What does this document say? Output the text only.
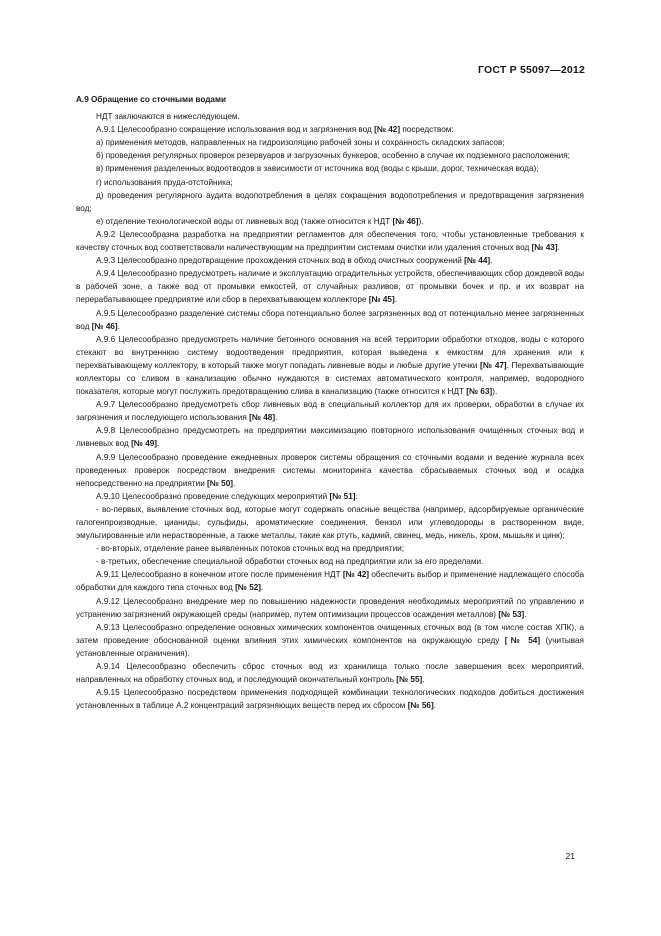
ГОСТ Р 55097—2012
А.9 Обращение со сточными водами

НДТ заключаются в нижеследующем.

А.9.1 Целесообразно сокращение использования вод и загрязнения вод [№ 42] посредством:

а) применения методов, направленных на гидроизоляцию рабочей зоны и сохранность складских запасов;

б) проведения регулярных проверок резервуаров и загрузочных бункеров, особенно в случае их подземного расположения;

в) применения разделенных водоотводов в зависимости от источника вод (воды с крыши, дорог, техническая вода);

г) использования пруда-отстойника;

д) проведения регулярного аудита водопотребления в целях сокращения водопотребления и предотвращения загрязнения вод;

е) отделение технологической воды от ливневых вод (также относится к НДТ [№ 46]).

А.9.2 Целесообразна разработка на предприятии регламентов для обеспечения того, чтобы установленные требования к качеству сточных вод соответствовали наличествующим на предприятии системам очистки или удаления сточных вод [№ 43].

А.9.3 Целесообразно предотвращение прохождения сточных вод в обход очистных сооружений [№ 44].

А.9.4 Целесообразно предусмотреть наличие и эксплуатацию оградительных устройств, обеспечивающих сбор дождевой воды в рабочей зоне, а также вод от промывки емкостей, от случайных разливов, от промывки бочек и пр. и их возврат на перерабатывающее предприятие или сбор в перехватывающем коллекторе [№ 45].

А.9.5 Целесообразно разделение системы сбора потенциально более загрязненных вод от потенциально менее загрязненных вод [№ 46].

А.9.6 Целесообразно предусмотреть наличие бетонного основания на всей территории обработки отходов, воды с которого стекают во внутреннюю систему водоотведения предприятия, которая выведена к емкостям для хранения или к перехватывающему коллектору, в который также могут попадать ливневые воды и любые другие утечки [№ 47]. Перехватывающие коллекторы со сливом в канализацию обычно нуждаются в системах автоматического контроля, например, водородного показателя, которые могут послужить предотвращению слива в канализацию (также относится к НДТ [№ 63]).

А.9.7 Целесообразно предусмотреть сбор ливневых вод в специальный коллектор для их проверки, обработки в случае их загрязнения и последующего использования [№ 48].

А.9.8 Целесообразно предусмотреть на предприятии максимизацию повторного использования очищенных сточных вод и ливневых вод [№ 49].

А.9.9 Целесообразно проведение ежедневных проверок системы обращения со сточными водами и ведение журнала всех проведенных проверок посредством внедрения системы мониторинга качества сбрасываемых сточных вод и осадка непосредственно на предприятии [№ 50].

А.9.10 Целесообразно проведение следующих мероприятий [№ 51]:

- во-первых, выявление сточных вод, которые могут содержать опасные вещества (например, адсорбируемые органические галогенпроизводные, цианиды, сульфиды, ароматические соединения, бензол или углеводороды в растворенном виде, эмульгированные или нерастворенные, а также металлы, такие как ртуть, кадмий, свинец, медь, никель, хром, мышьяк и цинк);

- во-вторых, отделение ранее выявленных потоков сточных вод на предприятии;

- в-третьих, обеспечение специальной обработки сточных вод на предприятии или за его пределами.

А.9.11 Целесообразно в конечном итоге после применения НДТ [№ 42] обеспечить выбор и применение надлежащего способа обработки для каждого типа сточных вод [№ 52].

А.9.12 Целесообразно внедрение мер по повышению надежности проведения необходимых мероприятий по управлению и устранению загрязнений окружающей среды (например, путем оптимизации процессов осаждения металлов) [№ 53].

А.9.13 Целесообразно определение основных химических компонентов очищенных сточных вод (в том числе состав ХПК), а затем проведение обоснованной оценки влияния этих химических компонентов на окружающую среду [№ 54] (учитывая установленные ограничения).

А.9.14 Целесообразно обеспечить сброс сточных вод из хранилища только после завершения всех мероприятий, направленных на обработку сточных вод, и последующий окончательный контроль [№ 55].

А.9.15 Целесообразно посредством применения подходящей комбинации технологических подходов добиться достижения установленных в таблице А.2 концентраций загрязняющих веществ перед их сбросом [№ 56].

21
